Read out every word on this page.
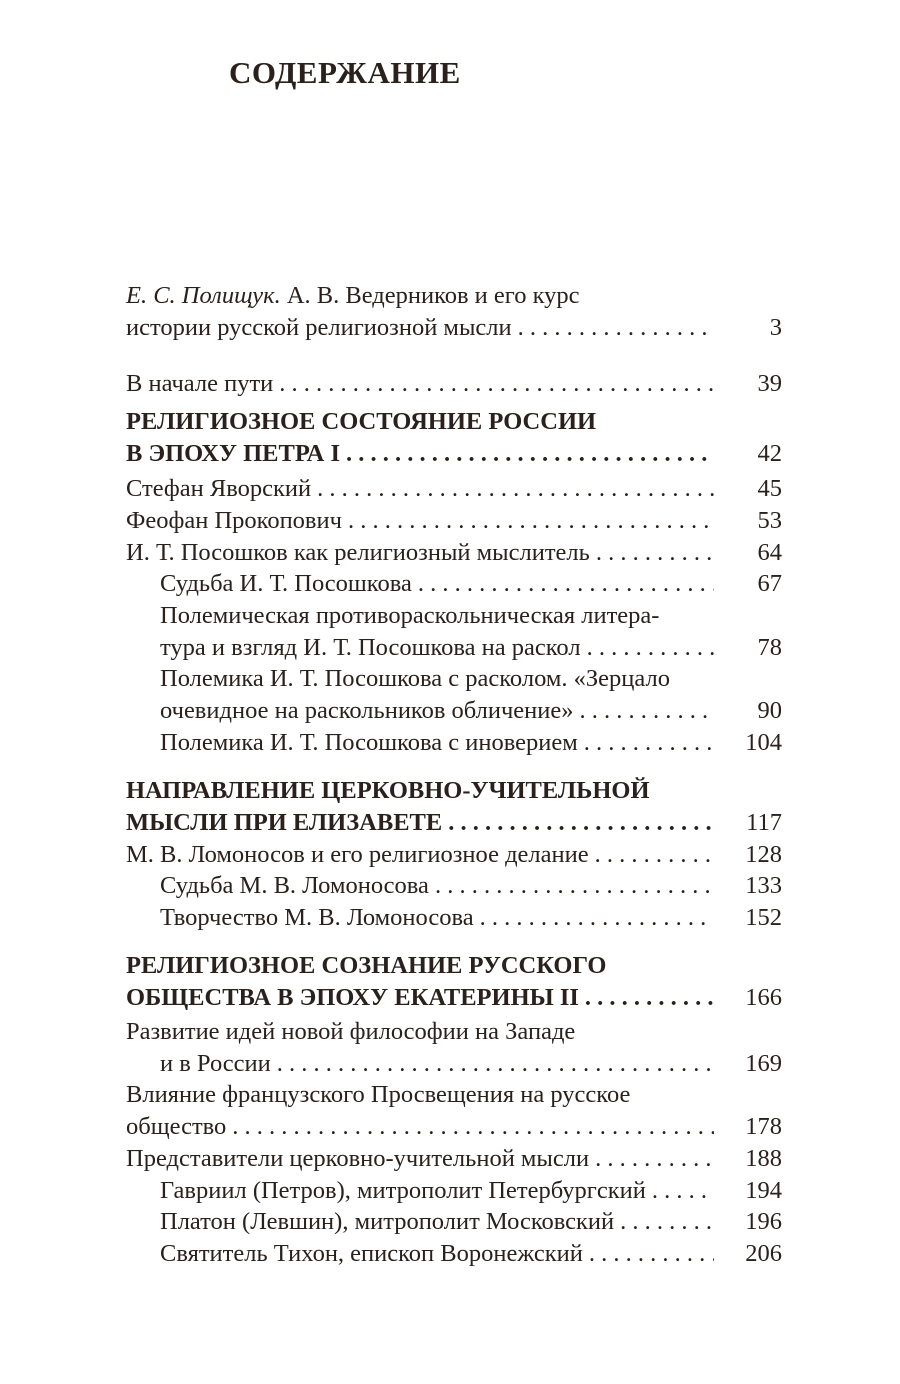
СОДЕРЖАНИЕ
Е. С. Полищук. А. В. Ведерников и его курс
истории русской религиозной мысли . . .	3
В начале пути . . .	39
РЕЛИГИОЗНОЕ СОСТОЯНИЕ РОССИИ
В ЭПОХУ ПЕТРА I . . .	42
Стефан Яворский . . .	45
Феофан Прокопович . . .	53
И. Т. Посошков как религиозный мыслитель . . .	64
Судьба И. Т. Посошкова . . .	67
Полемическая противораскольническая литера-
тура и взгляд И. Т. Посошкова на раскол . . .	78
Полемика И. Т. Посошкова с расколом. «Зерцало
очевидное на раскольников обличение» . . .	90
Полемика И. Т. Посошкова с иноверием . . .	104
НАПРАВЛЕНИЕ ЦЕРКОВНО-УЧИТЕЛЬНОЙ
МЫСЛИ ПРИ ЕЛИЗАВЕТЕ . . .	117
М. В. Ломоносов и его религиозное делание . . .	128
Судьба М. В. Ломоносова . . .	133
Творчество М. В. Ломоносова . . .	152
РЕЛИГИОЗНОЕ СОЗНАНИЕ РУССКОГО
ОБЩЕСТВА В ЭПОХУ ЕКАТЕРИНЫ II . . .	166
Развитие идей новой философии на Западе
и в России . . .	169
Влияние французского Просвещения на русское
общество . . .	178
Представители церковно-учительной мысли . . .	188
Гавриил (Петров), митрополит Петербургский . . .	194
Платон (Левшин), митрополит Московский . . .	196
Святитель Тихон, епископ Воронежский . . .	206
